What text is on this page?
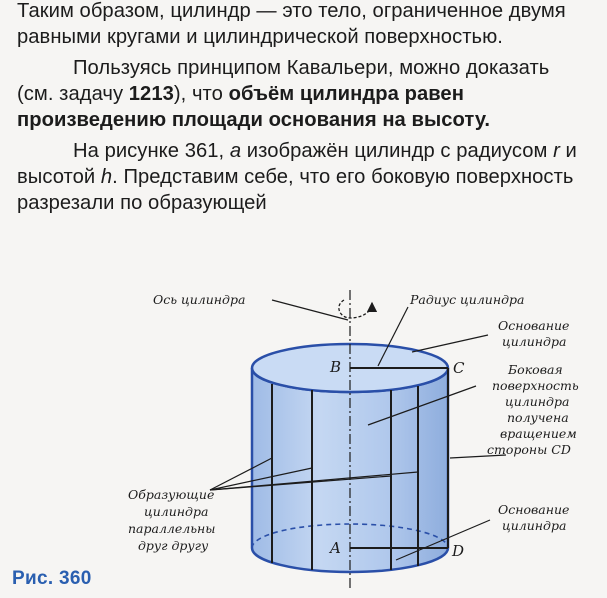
Таким образом, цилиндр — это тело, ограниченное двумя равными кругами и цилиндрической поверхностью.

Пользуясь принципом Кавальери, можно доказать (см. задачу 1213), что объём цилиндра равен произведению площади основания на высоту.

На рисунке 361, а изображён цилиндр с радиусом r и высотой h. Представим себе, что его боковую поверхность разрезали по образующей

B	C
A	D
Ось цилиндра	Радиус цилиндра
Основание цилиндра
Боковая поверхность цилиндра получена вращением стороны CD
Образующие цилиндра параллельны друг другу
Основание цилиндра
Рис. 360
